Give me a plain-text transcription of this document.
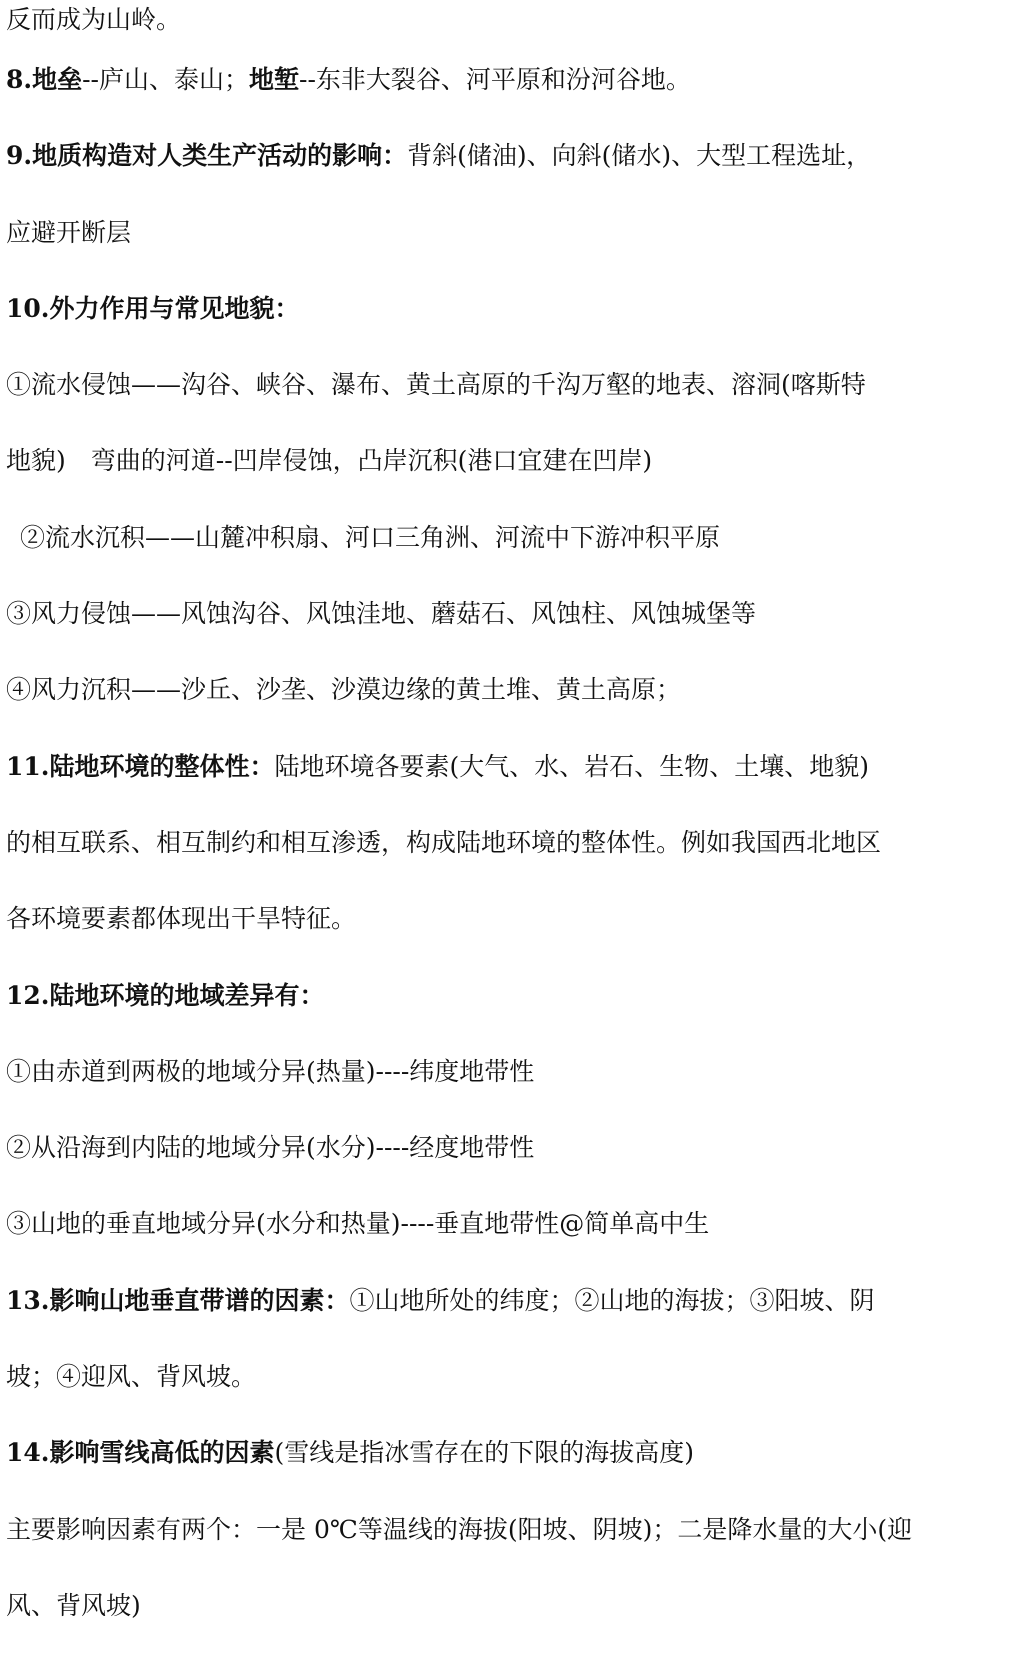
反而成为山岭。
8.地垒--庐山、泰山；地堑--东非大裂谷、河平原和汾河谷地。
9.地质构造对人类生产活动的影响：背斜(储油)、向斜(储水)、大型工程选址，
应避开断层
10.外力作用与常见地貌：
①流水侵蚀——沟谷、峡谷、瀑布、黄土高原的千沟万壑的地表、溶洞(喀斯特
地貌)　弯曲的河道--凹岸侵蚀，凸岸沉积(港口宜建在凹岸)
②流水沉积——山麓冲积扇、河口三角洲、河流中下游冲积平原
③风力侵蚀——风蚀沟谷、风蚀洼地、蘑菇石、风蚀柱、风蚀城堡等
④风力沉积——沙丘、沙垄、沙漠边缘的黄土堆、黄土高原；
11.陆地环境的整体性：陆地环境各要素(大气、水、岩石、生物、土壤、地貌)
的相互联系、相互制约和相互渗透，构成陆地环境的整体性。例如我国西北地区
各环境要素都体现出干旱特征。
12.陆地环境的地域差异有：
①由赤道到两极的地域分异(热量)----纬度地带性
②从沿海到内陆的地域分异(水分)----经度地带性
③山地的垂直地域分异(水分和热量)----垂直地带性@简单高中生
13.影响山地垂直带谱的因素：①山地所处的纬度；②山地的海拔；③阳坡、阴
坡；④迎风、背风坡。
14.影响雪线高低的因素(雪线是指冰雪存在的下限的海拔高度)
主要影响因素有两个：一是 0℃等温线的海拔(阳坡、阴坡)；二是降水量的大小(迎
风、背风坡)
